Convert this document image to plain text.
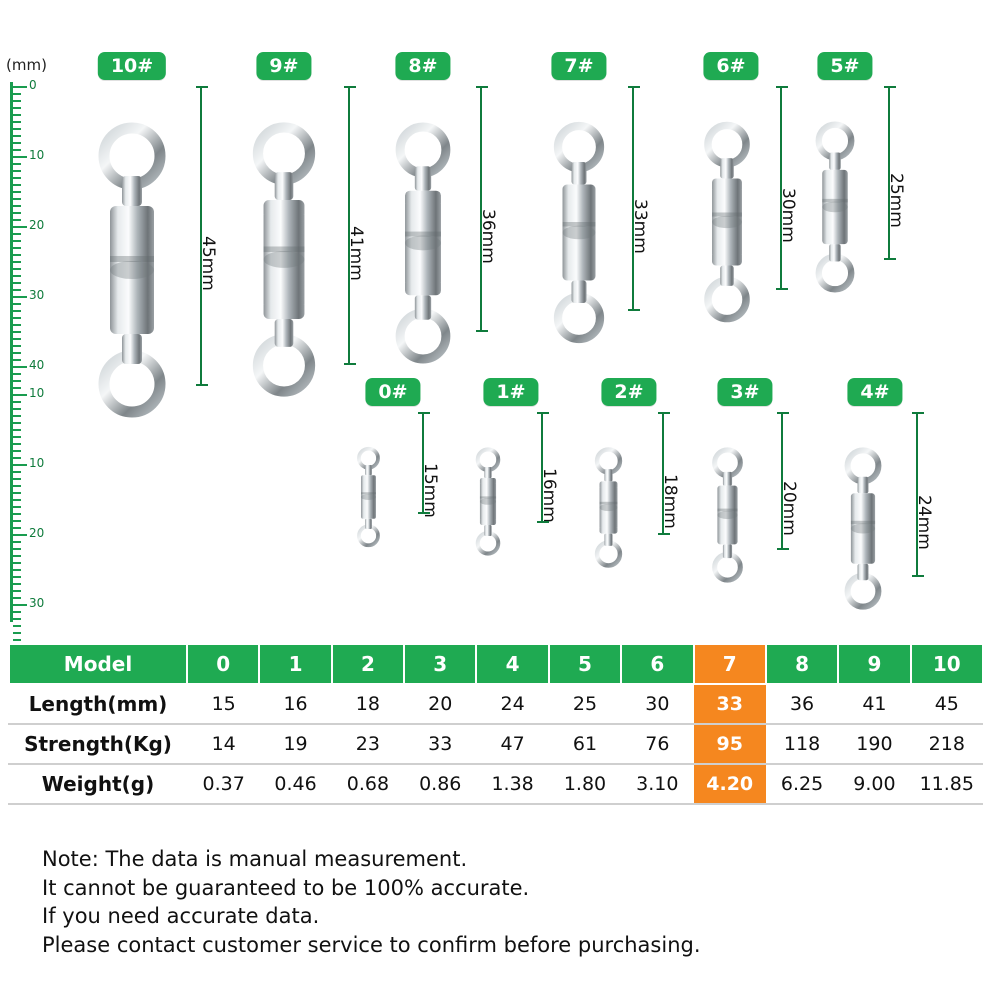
(mm)
0
10
20
30
40
10
10
20
30
10#
45mm
9#
41mm
8#
36mm
7#
33mm
6#
30mm
5#
25mm
0#
15mm
1#
16mm
2#
18mm
3#
20mm
4#
24mm
Model	0	1	2	3	4	5	6	7	8	9	10
Length(mm)	15	16	18	20	24	25	30	33	36	41	45
Strength(Kg)	14	19	23	33	47	61	76	95	118	190	218
Weight(g)	0.37	0.46	0.68	0.86	1.38	1.80	3.10	4.20	6.25	9.00	11.85
Note: The data is manual measurement.
It cannot be guaranteed to be 100% accurate.
If you need accurate data.
Please contact customer service to confirm before purchasing.
